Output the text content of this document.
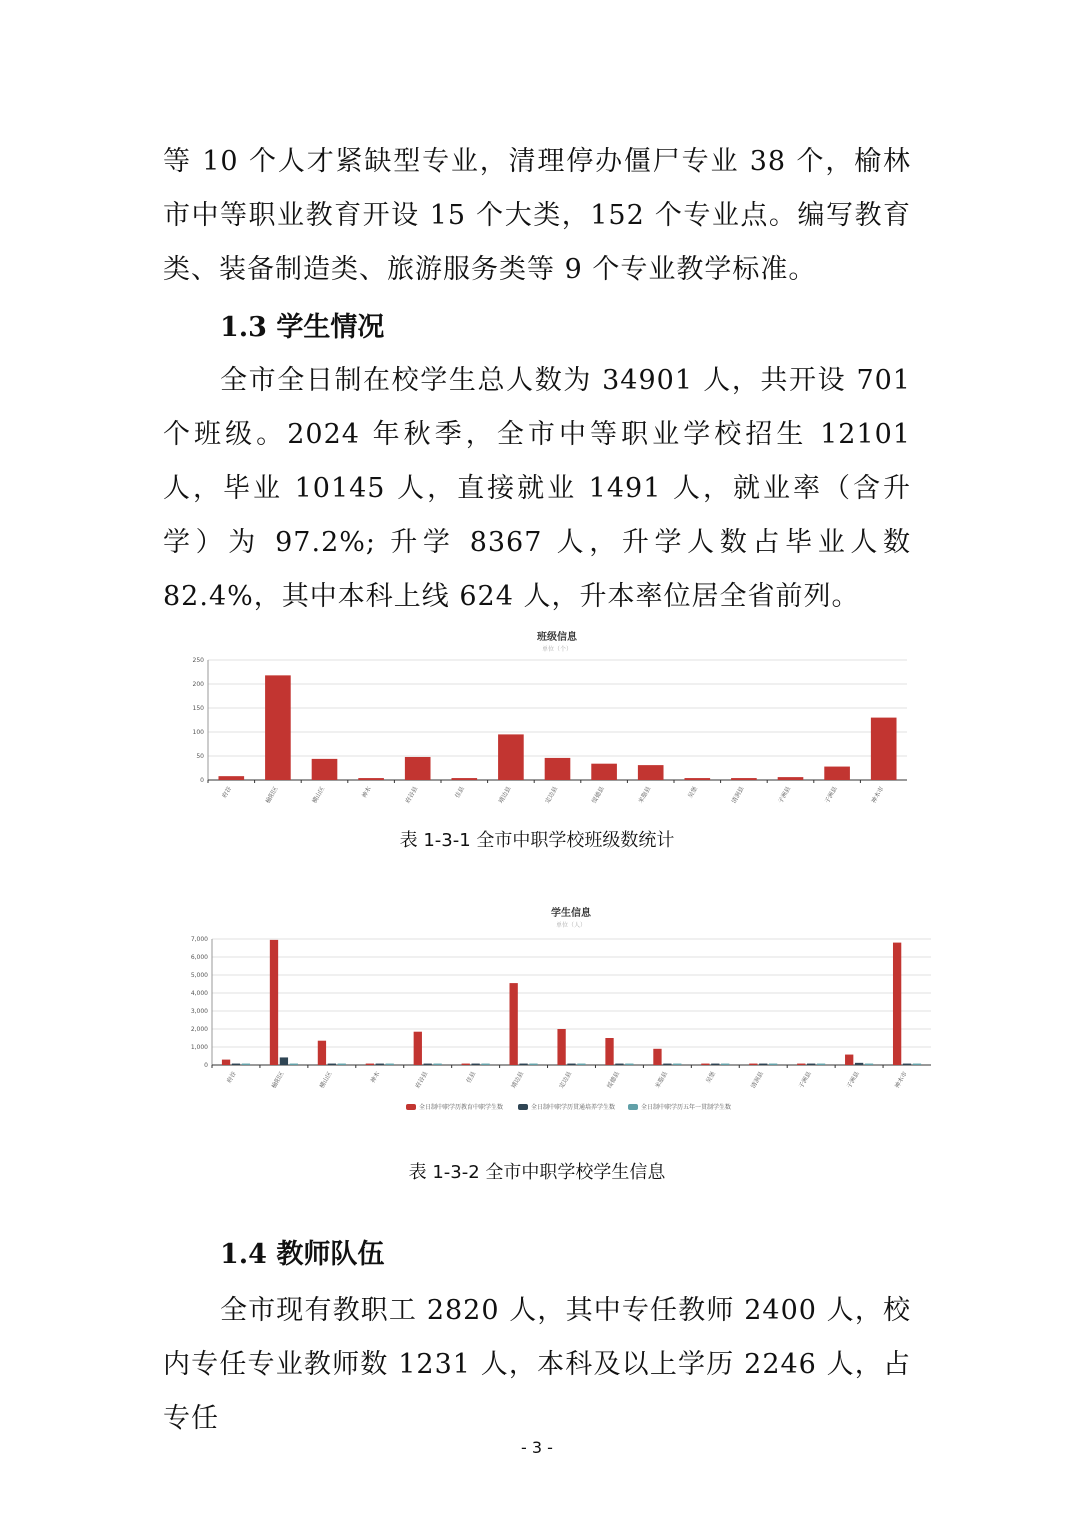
等 10 个人才紧缺型专业，清理停办僵尸专业 38 个，榆林市中等职业教育开设 15 个大类，152 个专业点。编写教育类、装备制造类、旅游服务类等 9 个专业教学标准。

1.3 学生情况

全市全日制在校学生总人数为 34901 人，共开设 701 个班级。2024 年秋季，全市中等职业学校招生 12101 人，毕业 10145 人，直接就业 1491 人，就业率（含升学）为 97.2%; 升学 8367 人，升学人数占毕业人数 82.4%，其中本科上线 624 人，升本率位居全省前列。

班级信息
单位（个）
0
50
100
150
200
250
府谷	榆阳区	横山区	神木	府谷县	佳县	靖边县	定边县	绥德县	米脂县	吴堡	清涧县	子洲县	子洲县	神木市
表 1-3-1 全市中职学校班级数统计
学生信息
单位（人）
0
1,000
2,000
3,000
4,000
5,000
6,000
7,000
府谷	榆阳区	横山区	神木	府谷县	佳县	靖边县	定边县	绥德县	米脂县	吴堡	清涧县	子洲县	子洲县	神木市
全日制中职学历教育中职学生数	全日制中职学历贯通培养学生数	全日制中职学历五年一贯制学生数
表 1-3-2 全市中职学校学生信息
1.4 教师队伍

全市现有教职工 2820 人，其中专任教师 2400 人，校内专任专业教师数 1231 人，本科及以上学历 2246 人，占专任

- 3 -
